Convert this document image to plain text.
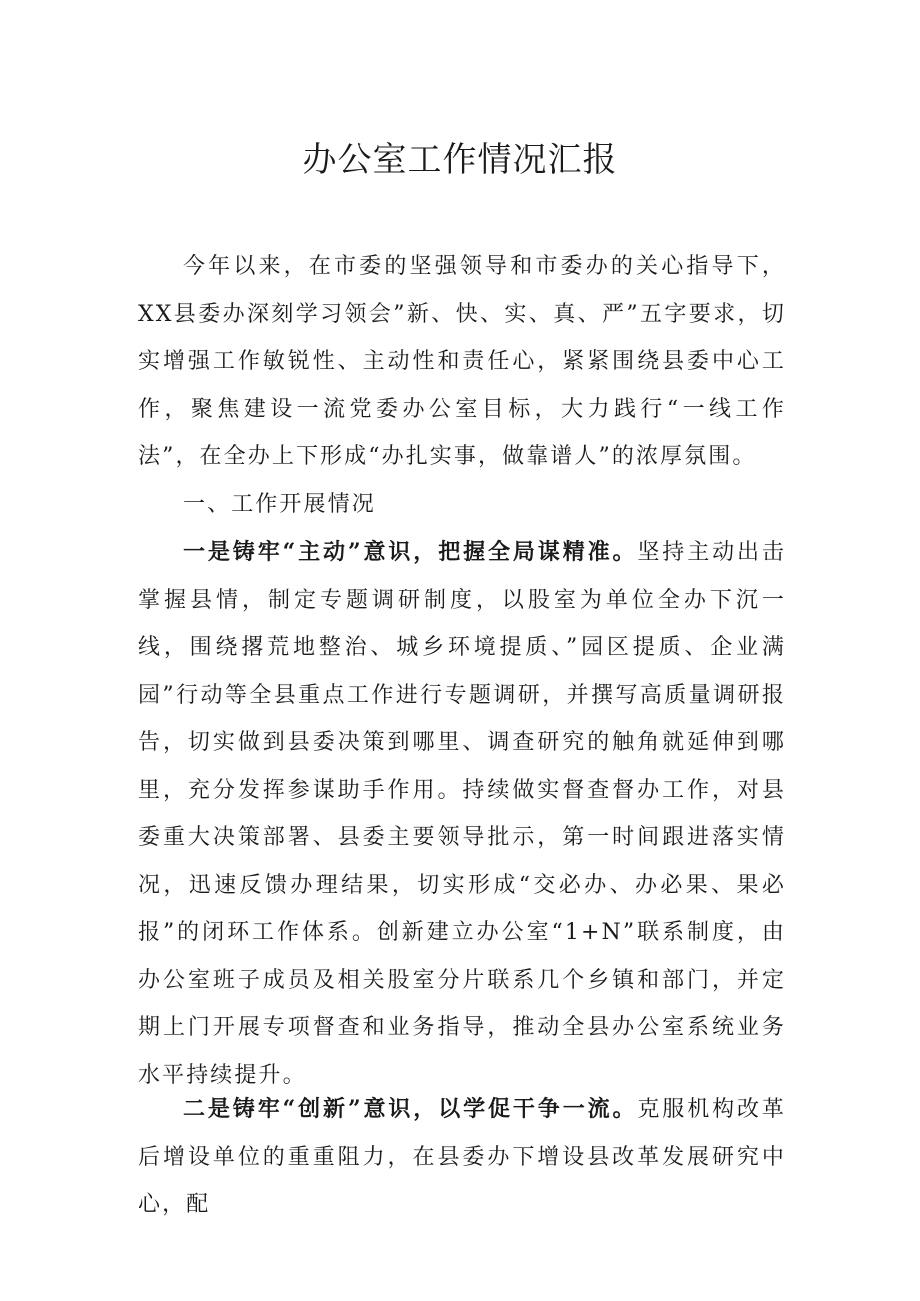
办公室工作情况汇报

今年以来，在市委的坚强领导和市委办的关心指导下，XX县委办深刻学习领会”新、快、实、真、严”五字要求，切实增强工作敏锐性、主动性和责任心，紧紧围绕县委中心工作，聚焦建设一流党委办公室目标，大力践行“一线工作法”，在全办上下形成“办扎实事，做靠谱人”的浓厚氛围。

一、工作开展情况

一是铸牢“主动”意识，把握全局谋精准。坚持主动出击掌握县情，制定专题调研制度，以股室为单位全办下沉一线，围绕撂荒地整治、城乡环境提质、”园区提质、企业满园”行动等全县重点工作进行专题调研，并撰写高质量调研报告，切实做到县委决策到哪里、调查研究的触角就延伸到哪里，充分发挥参谋助手作用。持续做实督查督办工作，对县委重大决策部署、县委主要领导批示，第一时间跟进落实情况，迅速反馈办理结果，切实形成“交必办、办必果、果必报”的闭环工作体系。创新建立办公室“1+N”联系制度，由办公室班子成员及相关股室分片联系几个乡镇和部门，并定期上门开展专项督查和业务指导，推动全县办公室系统业务水平持续提升。

二是铸牢“创新”意识，以学促干争一流。克服机构改革后增设单位的重重阻力，在县委办下增设县改革发展研究中心，配
